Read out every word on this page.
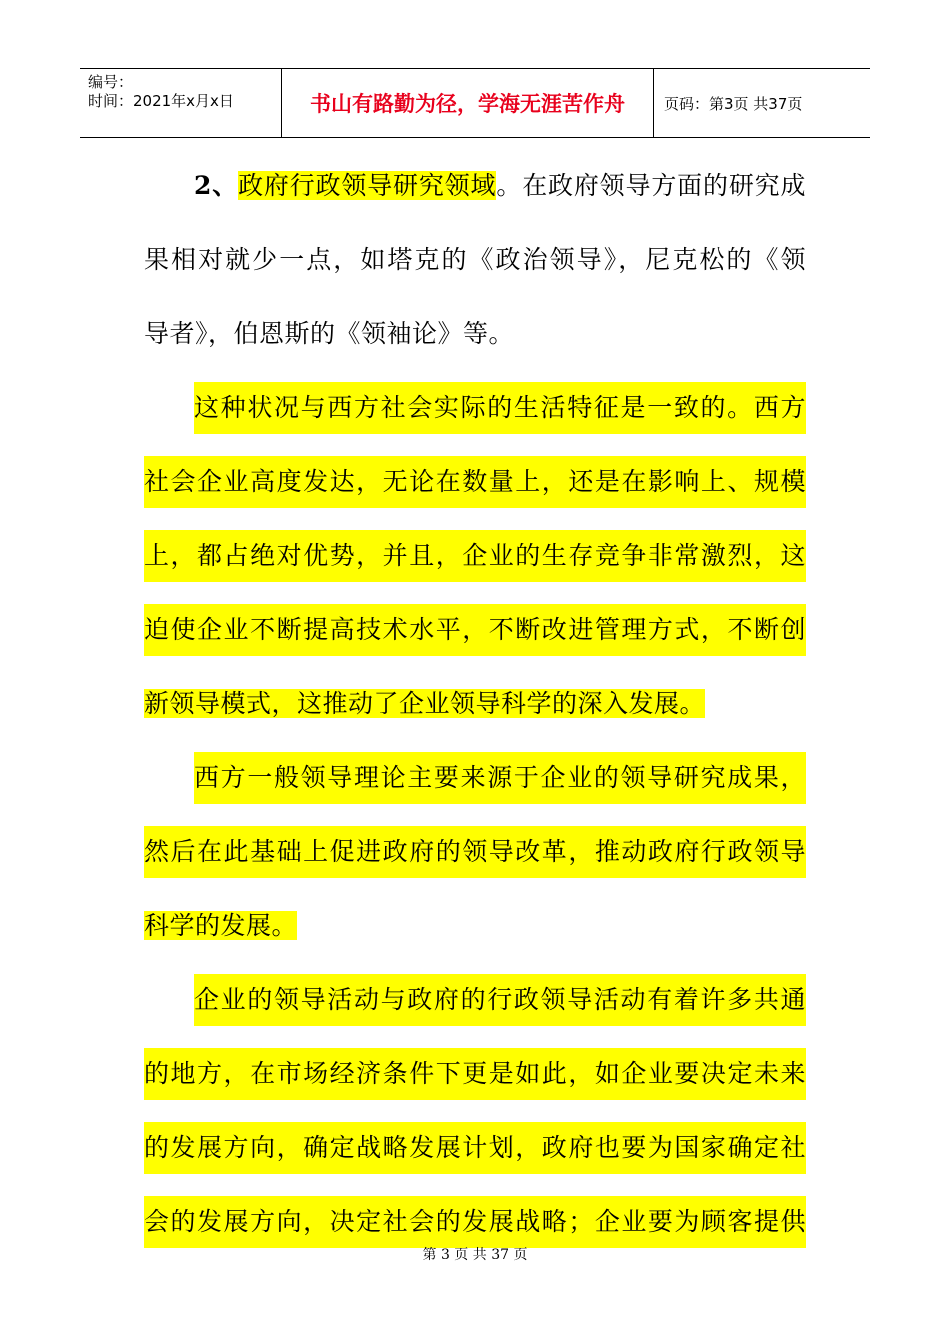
编号：
时间：2021年x月x日	书山有路勤为径，学海无涯苦作舟	页码：第3页 共37页
2、政府行政领导研究领域。在政府领导方面的研究成
果相对就少一点，如塔克的《政治领导》，尼克松的《领
导者》，伯恩斯的《领袖论》等。
这种状况与西方社会实际的生活特征是一致的。西方
社会企业高度发达，无论在数量上，还是在影响上、规模
上，都占绝对优势，并且，企业的生存竞争非常激烈，这
迫使企业不断提高技术水平，不断改进管理方式，不断创
新领导模式，这推动了企业领导科学的深入发展。
西方一般领导理论主要来源于企业的领导研究成果，
然后在此基础上促进政府的领导改革，推动政府行政领导
科学的发展。
企业的领导活动与政府的行政领导活动有着许多共通
的地方，在市场经济条件下更是如此，如企业要决定未来
的发展方向，确定战略发展计划，政府也要为国家确定社
会的发展方向，决定社会的发展战略；企业要为顾客提供
第 3 页 共 37 页
